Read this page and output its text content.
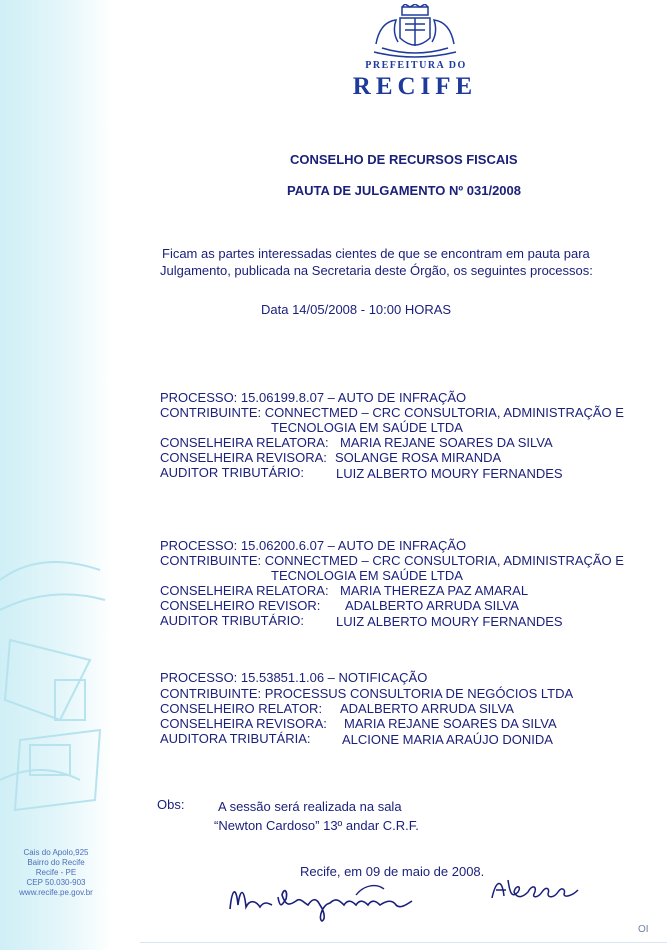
Cais do Apolo,925
Bairro do Recife
Recife - PE
CEP 50.030-903
www.recife.pe.gov.br
PREFEITURA DO
RECIFE
CONSELHO DE RECURSOS FISCAIS
PAUTA DE JULGAMENTO Nº 031/2008
Ficam as partes interessadas cientes de que se encontram em pauta para
Julgamento, publicada na Secretaria deste Órgão, os seguintes processos:
Data 14/05/2008 - 10:00 HORAS
PROCESSO: 15.06199.8.07 – AUTO DE INFRAÇÃO
CONTRIBUINTE: CONNECTMED – CRC CONSULTORIA, ADMINISTRAÇÃO E
TECNOLOGIA EM SAÚDE LTDA
CONSELHEIRA RELATORA: MARIA REJANE SOARES DA SILVA
CONSELHEIRA REVISORA: SOLANGE ROSA MIRANDA
AUDITOR TRIBUTÁRIO: LUIZ ALBERTO MOURY FERNANDES
PROCESSO: 15.06200.6.07 – AUTO DE INFRAÇÃO
CONTRIBUINTE: CONNECTMED – CRC CONSULTORIA, ADMINISTRAÇÃO E
TECNOLOGIA EM SAÚDE LTDA
CONSELHEIRA RELATORA: MARIA THEREZA PAZ AMARAL
CONSELHEIRO REVISOR: ADALBERTO ARRUDA SILVA
AUDITOR TRIBUTÁRIO: LUIZ ALBERTO MOURY FERNANDES
PROCESSO: 15.53851.1.06 – NOTIFICAÇÃO
CONTRIBUINTE: PROCESSUS CONSULTORIA DE NEGÓCIOS LTDA
CONSELHEIRO RELATOR: ADALBERTO ARRUDA SILVA
CONSELHEIRA REVISORA: MARIA REJANE SOARES DA SILVA
AUDITORA TRIBUTÁRIA: ALCIONE MARIA ARAÚJO DONIDA
Obs:	A sessão será realizada na sala
“Newton Cardoso” 13º andar C.R.F.
Recife, em 09 de maio de 2008.
OI
